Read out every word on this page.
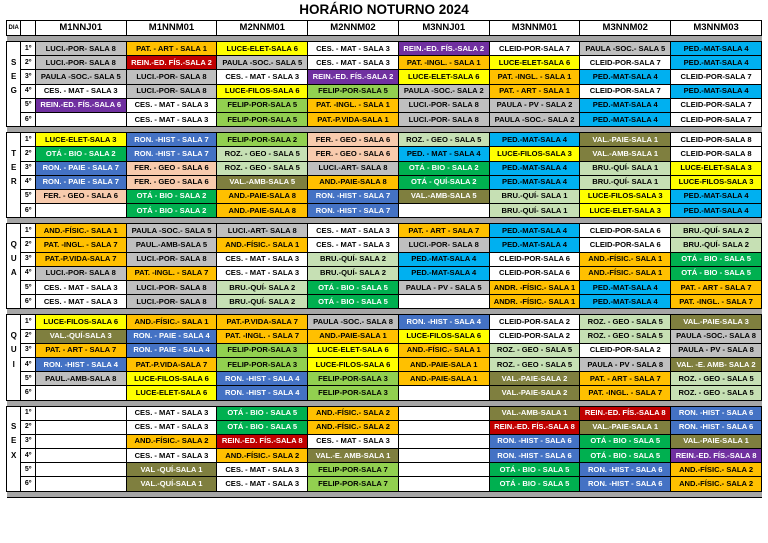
HORÁRIO NOTURNO 2024
DIA		M1NNJ01	M1NNM01	M2NNM01	M2NNM02	M3NNJ01	M3NNM01	M3NNM02	M3NNM03

	1º	LUCI.-POR- SALA 8	PAT. - ART - SALA 1	LUCE-ELET-SALA 6	CES. - MAT - SALA 3	REIN.-ED. FÍS.-SALA 2	CLEID-POR-SALA 7	PAULA -SOC.- SALA 5	PED.-MAT-SALA 4
S	2º	LUCI.-POR- SALA 8	REIN.-ED. FÍS.-SALA 2	PAULA -SOC.- SALA 5	CES. - MAT - SALA 3	PAT. -INGL. - SALA 1	LUCE-ELET-SALA 6	CLEID-POR-SALA 7	PED.-MAT-SALA 4
E	3º	PAULA -SOC.- SALA 5	LUCI.-POR- SALA 8	CES. - MAT - SALA 3	REIN.-ED. FÍS.-SALA 2	LUCE-ELET-SALA 6	PAT. -INGL. - SALA 1	PED.-MAT-SALA 4	CLEID-POR-SALA 7
G	4º	CES. - MAT - SALA 3	LUCI.-POR- SALA 8	LUCE-FILOS-SALA 6	FELIP-POR-SALA 5	PAULA -SOC.- SALA 2	PAT. - ART - SALA 1	CLEID-POR-SALA 7	PED.-MAT-SALA 4
	5º	REIN.-ED. FÍS.-SALA 6	CES. - MAT - SALA 3	FELIP-POR-SALA 5	PAT. -INGL. - SALA 1	LUCI.-POR- SALA 8	PAULA - PV - SALA 2	PED.-MAT-SALA 4	CLEID-POR-SALA 7
	6º		CES. - MAT - SALA 3	FELIP-POR-SALA 5	PAT.-P.VIDA-SALA 1	LUCI.-POR- SALA 8	PAULA -SOC.- SALA 2	PED.-MAT-SALA 4	CLEID-POR-SALA 7

	1º	LUCE-ELET-SALA 3	RON. -HIST - SALA 7	FELIP-POR-SALA 2	FER. - GEO - SALA 6	ROZ. - GEO - SALA 5	PED.-MAT-SALA 4	VAL.-PAIE-SALA 1	CLEID-POR-SALA 8
T	2º	OTÁ - BIO - SALA 2	RON. -HIST - SALA 7	ROZ. - GEO - SALA 5	FER. - GEO - SALA 6	PED. - MAT - SALA 4	LUCE-FILOS-SALA 3	VAL.-AMB-SALA 1	CLEID-POR-SALA 8
E	3º	RON. - PAIE - SALA 7	FER. - GEO - SALA 6	ROZ. - GEO - SALA 5	LUCI.-ART- SALA 8	OTÁ - BIO - SALA 2	PED.-MAT-SALA 4	BRU.-QUÍ- SALA 1	LUCE-ELET-SALA 3
R	4º	RON. - PAIE - SALA 7	FER. - GEO - SALA 6	VAL.-AMB-SALA 5	AND.-PAIE-SALA 8	OTÁ - QUÍ-SALA 2	PED.-MAT-SALA 4	BRU.-QUÍ- SALA 1	LUCE-FILOS-SALA 3
	5º	FER. - GEO - SALA 6	OTÁ - BIO - SALA 2	AND.-PAIE-SALA 8	RON. -HIST - SALA 7	VAL.-AMB-SALA 5	BRU.-QUÍ- SALA 1	LUCE-FILOS-SALA 3	PED.-MAT-SALA 4
	6º		OTÁ - BIO - SALA 2	AND.-PAIE-SALA 8	RON. -HIST - SALA 7		BRU.-QUÍ- SALA 1	LUCE-ELET-SALA 3	PED.-MAT-SALA 4

	1º	AND.-FÍSIC.- SALA 1	PAULA -SOC.- SALA 5	LUCI.-ART- SALA 8	CES. - MAT - SALA 3	PAT. - ART - SALA 7	PED.-MAT-SALA 4	CLEID-POR-SALA 6	BRU.-QUÍ- SALA 2
Q	2º	PAT. -INGL. - SALA 7	PAUL.-AMB-SALA 5	AND.-FÍSIC.- SALA 1	CES. - MAT - SALA 3	LUCI.-POR- SALA 8	PED.-MAT-SALA 4	CLEID-POR-SALA 6	BRU.-QUÍ- SALA 2
U	3º	PAT.-P.VIDA-SALA 7	LUCI.-POR- SALA 8	CES. - MAT - SALA 3	BRU.-QUÍ- SALA 2	PED.-MAT-SALA 4	CLEID-POR-SALA 6	AND.-FÍSIC.- SALA 1	OTÁ - BIO - SALA 5
A	4º	LUCI.-POR- SALA 8	PAT. -INGL. - SALA 7	CES. - MAT - SALA 3	BRU.-QUÍ- SALA 2	PED.-MAT-SALA 4	CLEID-POR-SALA 6	AND.-FÍSIC.- SALA 1	OTÁ - BIO - SALA 5
	5º	CES. - MAT - SALA 3	LUCI.-POR- SALA 8	BRU.-QUÍ- SALA 2	OTÁ - BIO - SALA 5	PAULA - PV - SALA 5	ANDR. -FÍSIC.- SALA 1	PED.-MAT-SALA 4	PAT. - ART - SALA 7
	6º	CES. - MAT - SALA 3	LUCI.-POR- SALA 8	BRU.-QUÍ- SALA 2	OTÁ - BIO - SALA 5		ANDR. -FÍSIC.- SALA 1	PED.-MAT-SALA 4	PAT. -INGL. - SALA 7

	1º	LUCE-FILOS-SALA 6	AND.-FÍSIC.- SALA 1	PAT.-P.VIDA-SALA 7	PAULA -SOC.- SALA 8	RON. -HIST - SALA 4	CLEID-POR-SALA 2	ROZ. - GEO - SALA 5	VAL.-PAIE-SALA 3
Q	2º	VAL.-QUÍ-SALA 3	RON. - PAIE - SALA 4	PAT. -INGL. - SALA 7	AND.-PAIE-SALA 1	LUCE-FILOS-SALA 6	CLEID-POR-SALA 2	ROZ. - GEO - SALA 5	PAULA -SOC.- SALA 8
U	3º	PAT. - ART - SALA 7	RON. - PAIE - SALA 4	FELIP-POR-SALA 3	LUCE-ELET-SALA 6	AND.-FÍSIC.- SALA 1	ROZ. - GEO - SALA 5	CLEID-POR-SALA 2	PAULA - PV - SALA 8
I	4º	RON. -HIST - SALA 4	PAT.-P.VIDA-SALA 7	FELIP-POR-SALA 3	LUCE-FILOS-SALA 6	AND.-PAIE-SALA 1	ROZ. - GEO - SALA 5	PAULA - PV - SALA 8	VAL. -E. AMB- SALA 2
	5º	PAUL.-AMB-SALA 8	LUCE-FILOS-SALA 6	RON. -HIST - SALA 4	FELIP-POR-SALA 3	AND.-PAIE-SALA 1	VAL.-PAIE-SALA 2	PAT. - ART - SALA 7	ROZ. - GEO - SALA 5
	6º		LUCE-ELET-SALA 6	RON. -HIST - SALA 4	FELIP-POR-SALA 3		VAL.-PAIE-SALA 2	PAT. -INGL. - SALA 7	ROZ. - GEO - SALA 5

	1º		CES. - MAT - SALA 3	OTÁ - BIO - SALA 5	AND.-FÍSIC.- SALA 2		VAL.-AMB-SALA 1	REIN.-ED. FÍS.-SALA 8	RON. -HIST - SALA 6
S	2º		CES. - MAT - SALA 3	OTÁ - BIO - SALA 5	AND.-FÍSIC.- SALA 2		REIN.-ED. FÍS.-SALA 8	VAL.-PAIE-SALA 1	RON. -HIST - SALA 6
E	3º		AND.-FÍSIC.- SALA 2	REIN.-ED. FÍS.-SALA 8	CES. - MAT - SALA 3		RON. -HIST - SALA 6	OTÁ - BIO - SALA 5	VAL.-PAIE-SALA 1
X	4º		CES. - MAT - SALA 3	AND.-FÍSIC.- SALA 2	VAL.-E. AMB-SALA 1		RON. -HIST - SALA 6	OTÁ - BIO - SALA 5	REIN.-ED. FÍS.-SALA 8
	5º		VAL -QUÍ-SALA 1	CES. - MAT - SALA 3	FELIP-POR-SALA 7		OTÁ - BIO - SALA 5	RON. -HIST - SALA 6	AND.-FÍSIC.- SALA 2
	6º		VAL.-QUÍ-SALA 1	CES. - MAT - SALA 3	FELIP-POR-SALA 7		OTÁ - BIO - SALA 5	RON. -HIST - SALA 6	AND.-FÍSIC.- SALA 2
